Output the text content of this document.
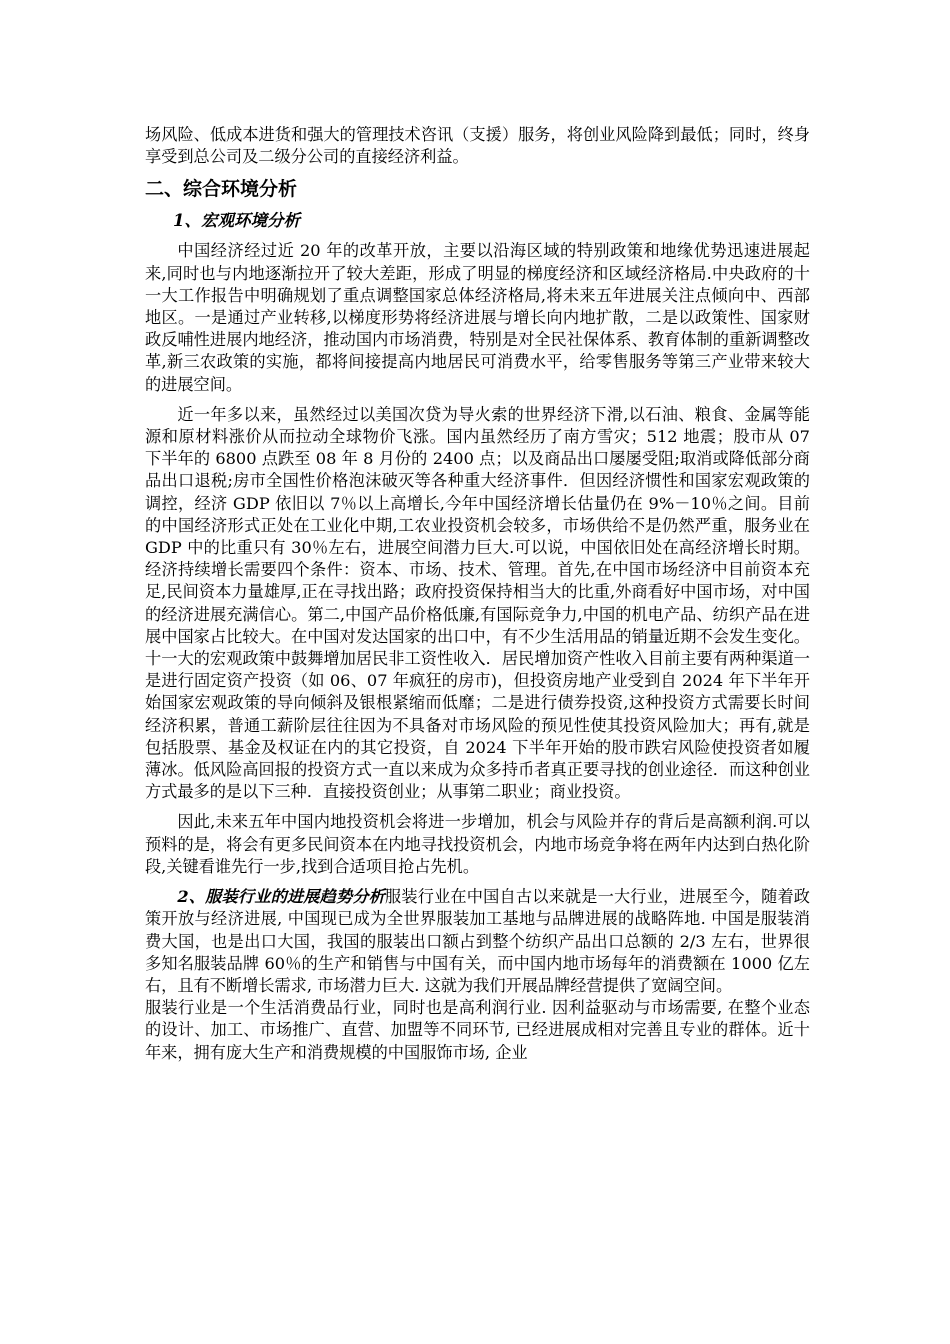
场风险、低成本进货和强大的管理技术咨讯（支援）服务，将创业风险降到最低；同时，终身享受到总公司及二级分公司的直接经济利益。

二、综合环境分析
1、宏观环境分析

中国经济经过近 20 年的改革开放，主要以沿海区域的特别政策和地缘优势迅速进展起来,同时也与内地逐渐拉开了较大差距，形成了明显的梯度经济和区域经济格局.中央政府的十一大工作报告中明确规划了重点调整国家总体经济格局,将未来五年进展关注点倾向中、西部地区。一是通过产业转移,以梯度形势将经济进展与增长向内地扩散，二是以政策性、国家财政反哺性进展内地经济，推动国内市场消费，特别是对全民社保体系、教育体制的重新调整改革,新三农政策的实施，都将间接提高内地居民可消费水平，给零售服务等第三产业带来较大的进展空间。

近一年多以来，虽然经过以美国次贷为导火索的世界经济下滑,以石油、粮食、金属等能源和原材料涨价从而拉动全球物价飞涨。国内虽然经历了南方雪灾；512 地震；股市从 07 下半年的 6800 点跌至 08 年 8 月份的 2400 点；以及商品出口屡屡受阻;取消或降低部分商品出口退税;房市全国性价格泡沫破灭等各种重大经济事件．但因经济惯性和国家宏观政策的调控，经济 GDP 依旧以 7％以上高增长,今年中国经济增长估量仍在 9%－10％之间。目前的中国经济形式正处在工业化中期,工农业投资机会较多，市场供给不是仍然严重，服务业在 GDP 中的比重只有 30％左右，进展空间潜力巨大.可以说，中国依旧处在高经济增长时期。经济持续增长需要四个条件：资本、市场、技术、管理。首先,在中国市场经济中目前资本充足,民间资本力量雄厚,正在寻找出路；政府投资保持相当大的比重,外商看好中国市场，对中国的经济进展充满信心。第二,中国产品价格低廉,有国际竞争力,中国的机电产品、纺织产品在进展中国家占比较大。在中国对发达国家的出口中，有不少生活用品的销量近期不会发生变化。十一大的宏观政策中鼓舞增加居民非工资性收入．居民增加资产性收入目前主要有两种渠道一是进行固定资产投资（如 06、07 年疯狂的房市)，但投资房地产业受到自 2024 年下半年开始国家宏观政策的导向倾斜及银根紧缩而低靡；二是进行债券投资,这种投资方式需要长时间经济积累，普通工薪阶层往往因为不具备对市场风险的预见性使其投资风险加大；再有,就是包括股票、基金及权证在内的其它投资，自 2024 下半年开始的股市跌宕风险使投资者如履薄冰。低风险高回报的投资方式一直以来成为众多持币者真正要寻找的创业途径．而这种创业方式最多的是以下三种．直接投资创业；从事第二职业；商业投资。

因此,未来五年中国内地投资机会将进一步增加，机会与风险并存的背后是高额利润.可以预料的是，将会有更多民间资本在内地寻找投资机会，内地市场竞争将在两年内达到白热化阶段,关键看谁先行一步,找到合适项目抢占先机。

2、服装行业的进展趋势分析服装行业在中国自古以来就是一大行业，进展至今，随着政策开放与经济进展, 中国现已成为全世界服装加工基地与品牌进展的战略阵地. 中国是服装消费大国，也是出口大国，我国的服装出口额占到整个纺织产品出口总额的 2/3 左右，世界很多知名服装品牌 60％的生产和销售与中国有关，而中国内地市场每年的消费额在 1000 亿左右，且有不断增长需求, 市场潜力巨大. 这就为我们开展品牌经营提供了宽阔空间。

服装行业是一个生活消费品行业，同时也是高利润行业. 因利益驱动与市场需要, 在整个业态的设计、加工、市场推广、直营、加盟等不同环节, 已经进展成相对完善且专业的群体。近十年来，拥有庞大生产和消费规模的中国服饰市场, 企业
